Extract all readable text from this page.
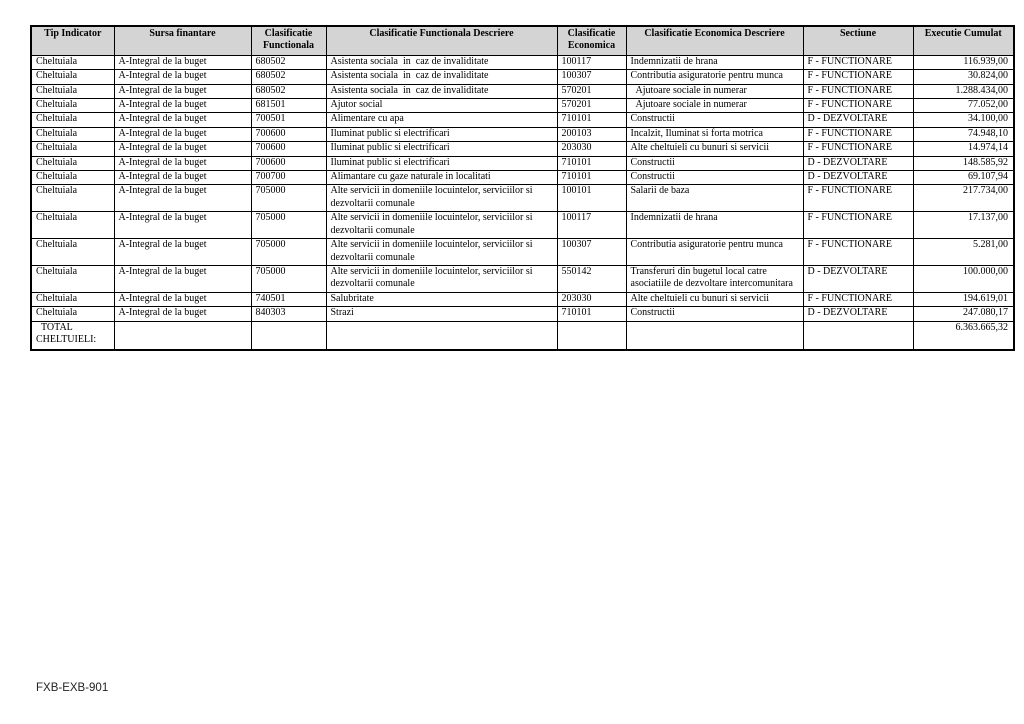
Tip Indicator	Sursa finantare	Clasificatie Functionala	Clasificatie Functionala Descriere	Clasificatie Economica	Clasificatie Economica Descriere	Sectiune	Executie Cumulat
Cheltuiala	A-Integral de la buget	680502	Asistenta sociala  in  caz de invaliditate	100117	Indemnizatii de hrana	F - FUNCTIONARE	116.939,00
Cheltuiala	A-Integral de la buget	680502	Asistenta sociala  in  caz de invaliditate	100307	Contributia asiguratorie pentru munca	F - FUNCTIONARE	30.824,00
Cheltuiala	A-Integral de la buget	680502	Asistenta sociala  in  caz de invaliditate	570201	Ajutoare sociale in numerar	F - FUNCTIONARE	1.288.434,00
Cheltuiala	A-Integral de la buget	681501	Ajutor social	570201	Ajutoare sociale in numerar	F - FUNCTIONARE	77.052,00
Cheltuiala	A-Integral de la buget	700501	Alimentare cu apa	710101	Constructii	D - DEZVOLTARE	34.100,00
Cheltuiala	A-Integral de la buget	700600	Iluminat public si electrificari	200103	Incalzit, Iluminat si forta motrica	F - FUNCTIONARE	74.948,10
Cheltuiala	A-Integral de la buget	700600	Iluminat public si electrificari	203030	Alte cheltuieli cu bunuri si servicii	F - FUNCTIONARE	14.974,14
Cheltuiala	A-Integral de la buget	700600	Iluminat public si electrificari	710101	Constructii	D - DEZVOLTARE	148.585,92
Cheltuiala	A-Integral de la buget	700700	Alimantare cu gaze naturale in localitati	710101	Constructii	D - DEZVOLTARE	69.107,94
Cheltuiala	A-Integral de la buget	705000	Alte servicii in domeniile locuintelor, serviciilor si dezvoltarii comunale	100101	Salarii de baza	F - FUNCTIONARE	217.734,00
Cheltuiala	A-Integral de la buget	705000	Alte servicii in domeniile locuintelor, serviciilor si dezvoltarii comunale	100117	Indemnizatii de hrana	F - FUNCTIONARE	17.137,00
Cheltuiala	A-Integral de la buget	705000	Alte servicii in domeniile locuintelor, serviciilor si dezvoltarii comunale	100307	Contributia asiguratorie pentru munca	F - FUNCTIONARE	5.281,00
Cheltuiala	A-Integral de la buget	705000	Alte servicii in domeniile locuintelor, serviciilor si dezvoltarii comunale	550142	Transferuri din bugetul local catre asociatiile de dezvoltare intercomunitara	D - DEZVOLTARE	100.000,00
Cheltuiala	A-Integral de la buget	740501	Salubritate	203030	Alte cheltuieli cu bunuri si servicii	F - FUNCTIONARE	194.619,01
Cheltuiala	A-Integral de la buget	840303	Strazi	710101	Constructii	D - DEZVOLTARE	247.080,17

TOTAL
CHELTUIELI:							6.363.665,32
FXB-EXB-901
